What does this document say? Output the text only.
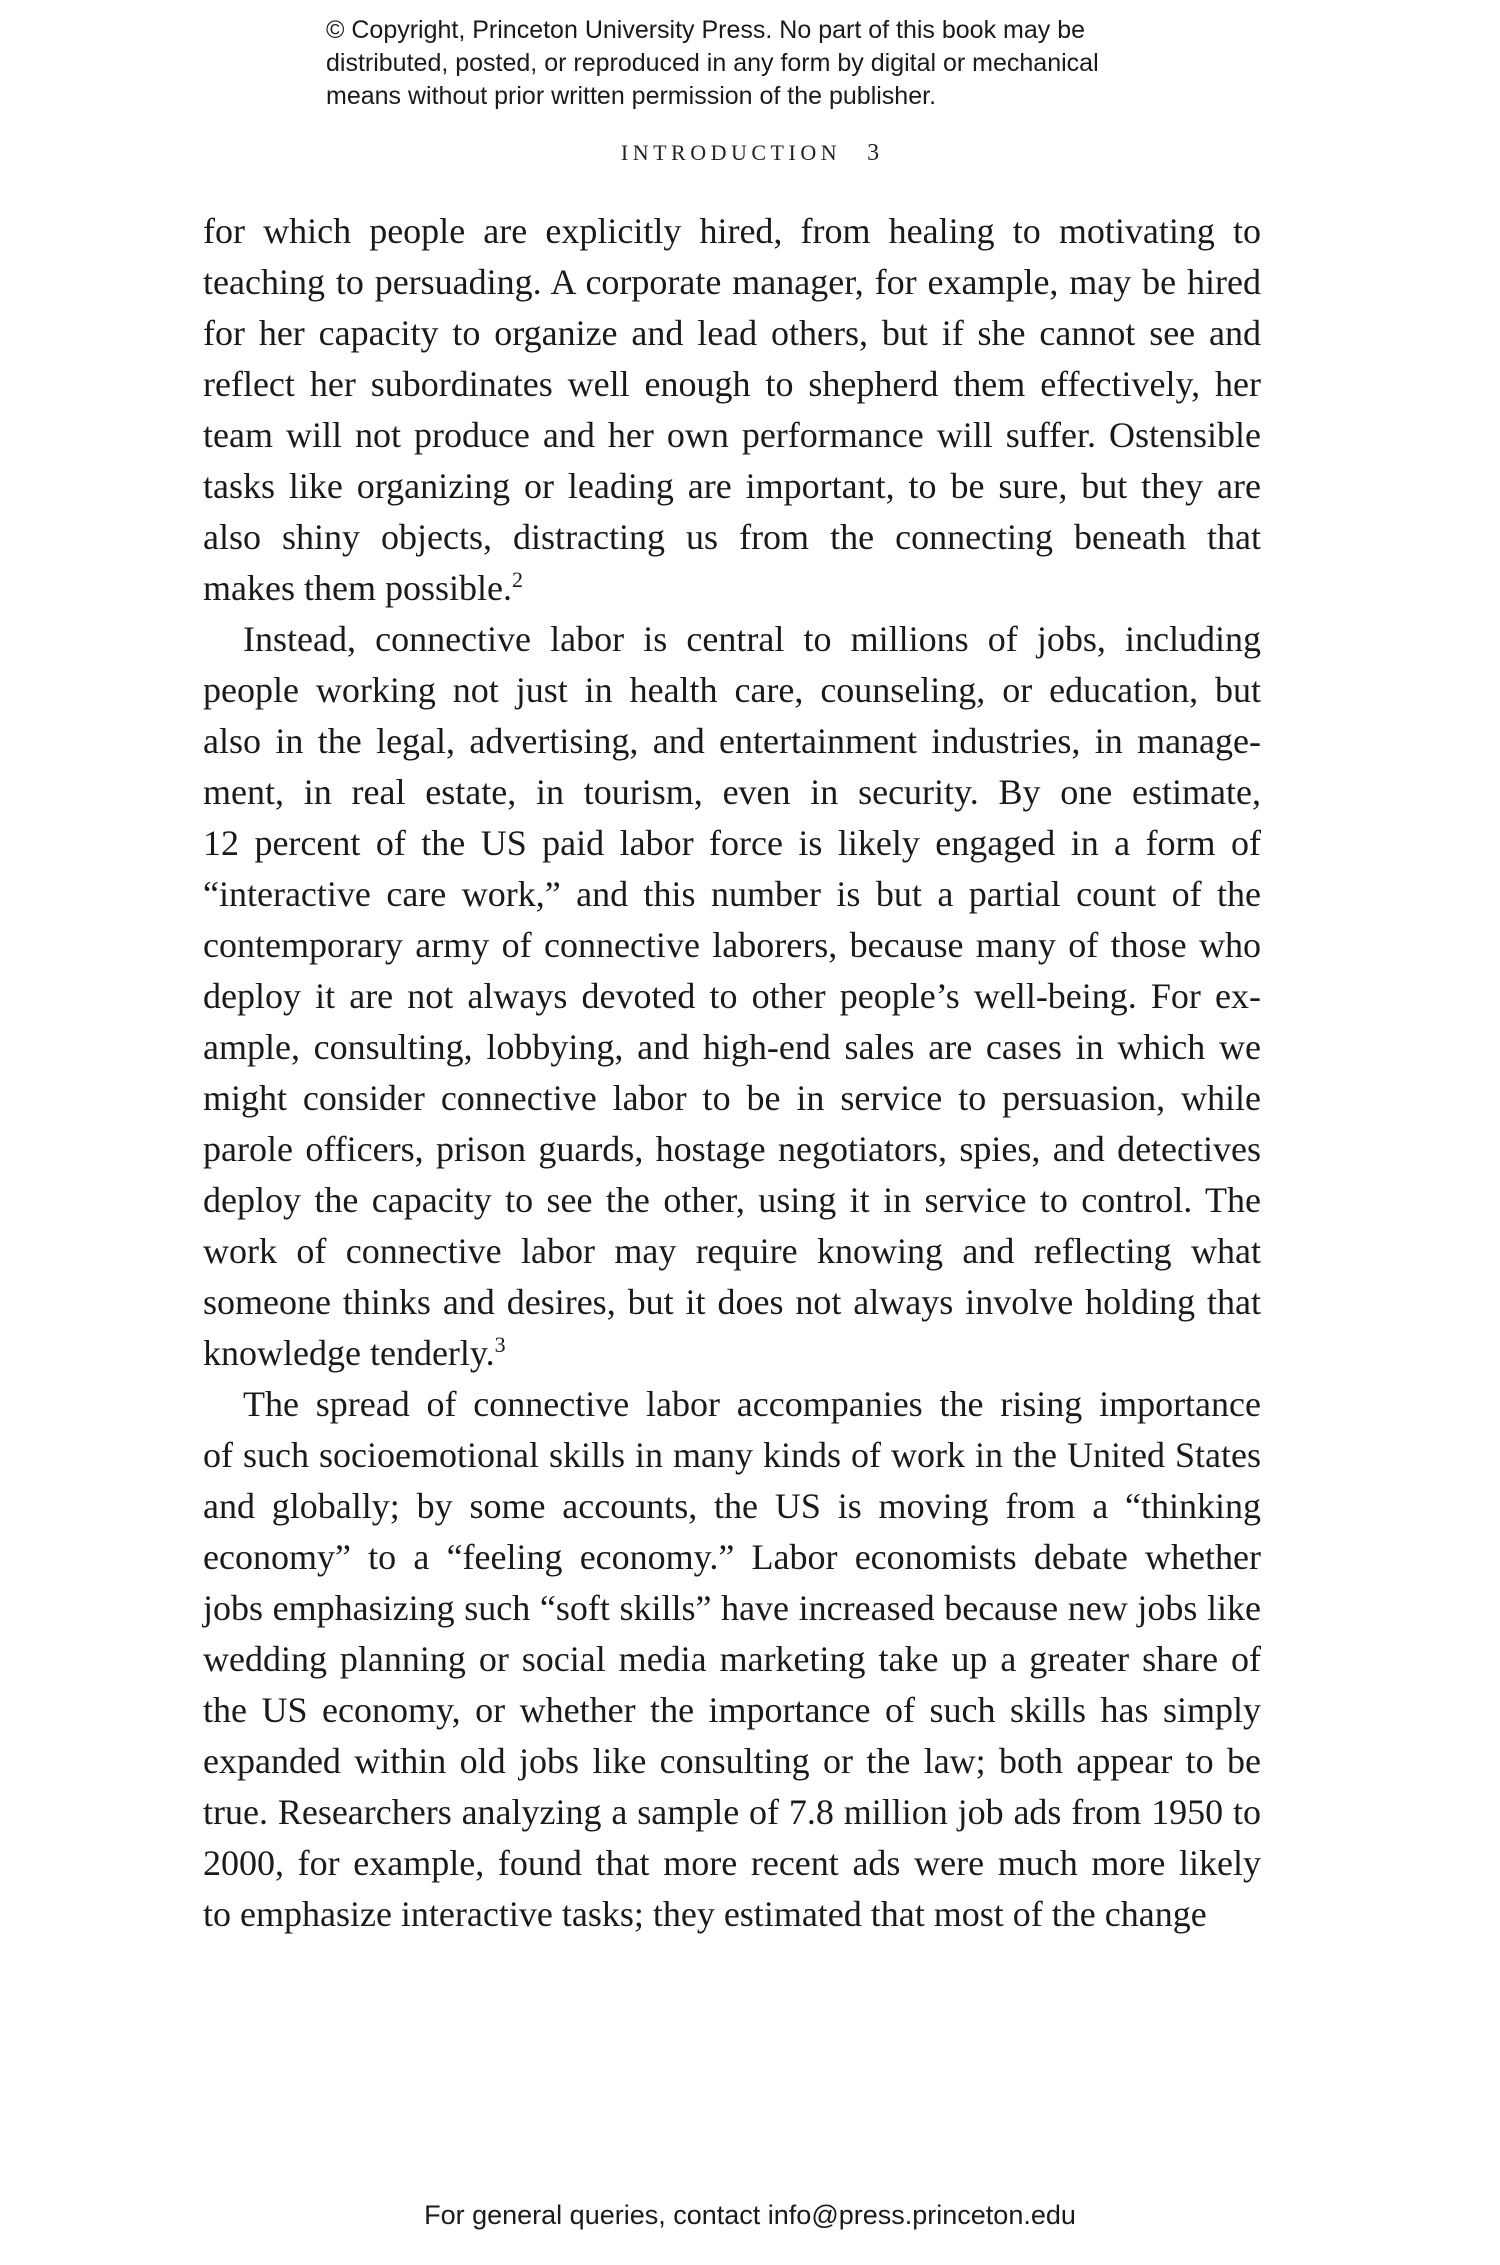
© Copyright, Princeton University Press. No part of this book may be
distributed, posted, or reproduced in any form by digital or mechanical
means without prior written permission of the publisher.
INTRODUCTION 3
for which people are explicitly hired, from healing to motivating to
teaching to persuading. A corporate manager, for example, may be hired
for her capacity to organize and lead others, but if she cannot see and
reflect her subordinates well enough to shepherd them effectively, her
team will not produce and her own performance will suffer. Ostensible
tasks like organizing or leading are important, to be sure, but they are
also shiny objects, distracting us from the connecting beneath that
makes them possible.$^2$
Instead, connective labor is central to millions of jobs, including
people working not just in health care, counseling, or education, but
also in the legal, advertising, and entertainment industries, in manage-
ment, in real estate, in tourism, even in security. By one estimate,
12 percent of the US paid labor force is likely engaged in a form of
“interactive care work,” and this number is but a partial count of the
contemporary army of connective laborers, because many of those who
deploy it are not always devoted to other people’s well-being. For ex-
ample, consulting, lobbying, and high-end sales are cases in which we
might consider connective labor to be in service to persuasion, while
parole officers, prison guards, hostage negotiators, spies, and detectives
deploy the capacity to see the other, using it in service to control. The
work of connective labor may require knowing and reflecting what
someone thinks and desires, but it does not always involve holding that
knowledge tenderly.$^3$
The spread of connective labor accompanies the rising importance
of such socioemotional skills in many kinds of work in the United States
and globally; by some accounts, the US is moving from a “thinking
economy” to a “feeling economy.” Labor economists debate whether
jobs emphasizing such “soft skills” have increased because new jobs like
wedding planning or social media marketing take up a greater share of
the US economy, or whether the importance of such skills has simply
expanded within old jobs like consulting or the law; both appear to be
true. Researchers analyzing a sample of 7.8 million job ads from 1950 to
2000, for example, found that more recent ads were much more likely
to emphasize interactive tasks; they estimated that most of the change
For general queries, contact info@press.princeton.edu
